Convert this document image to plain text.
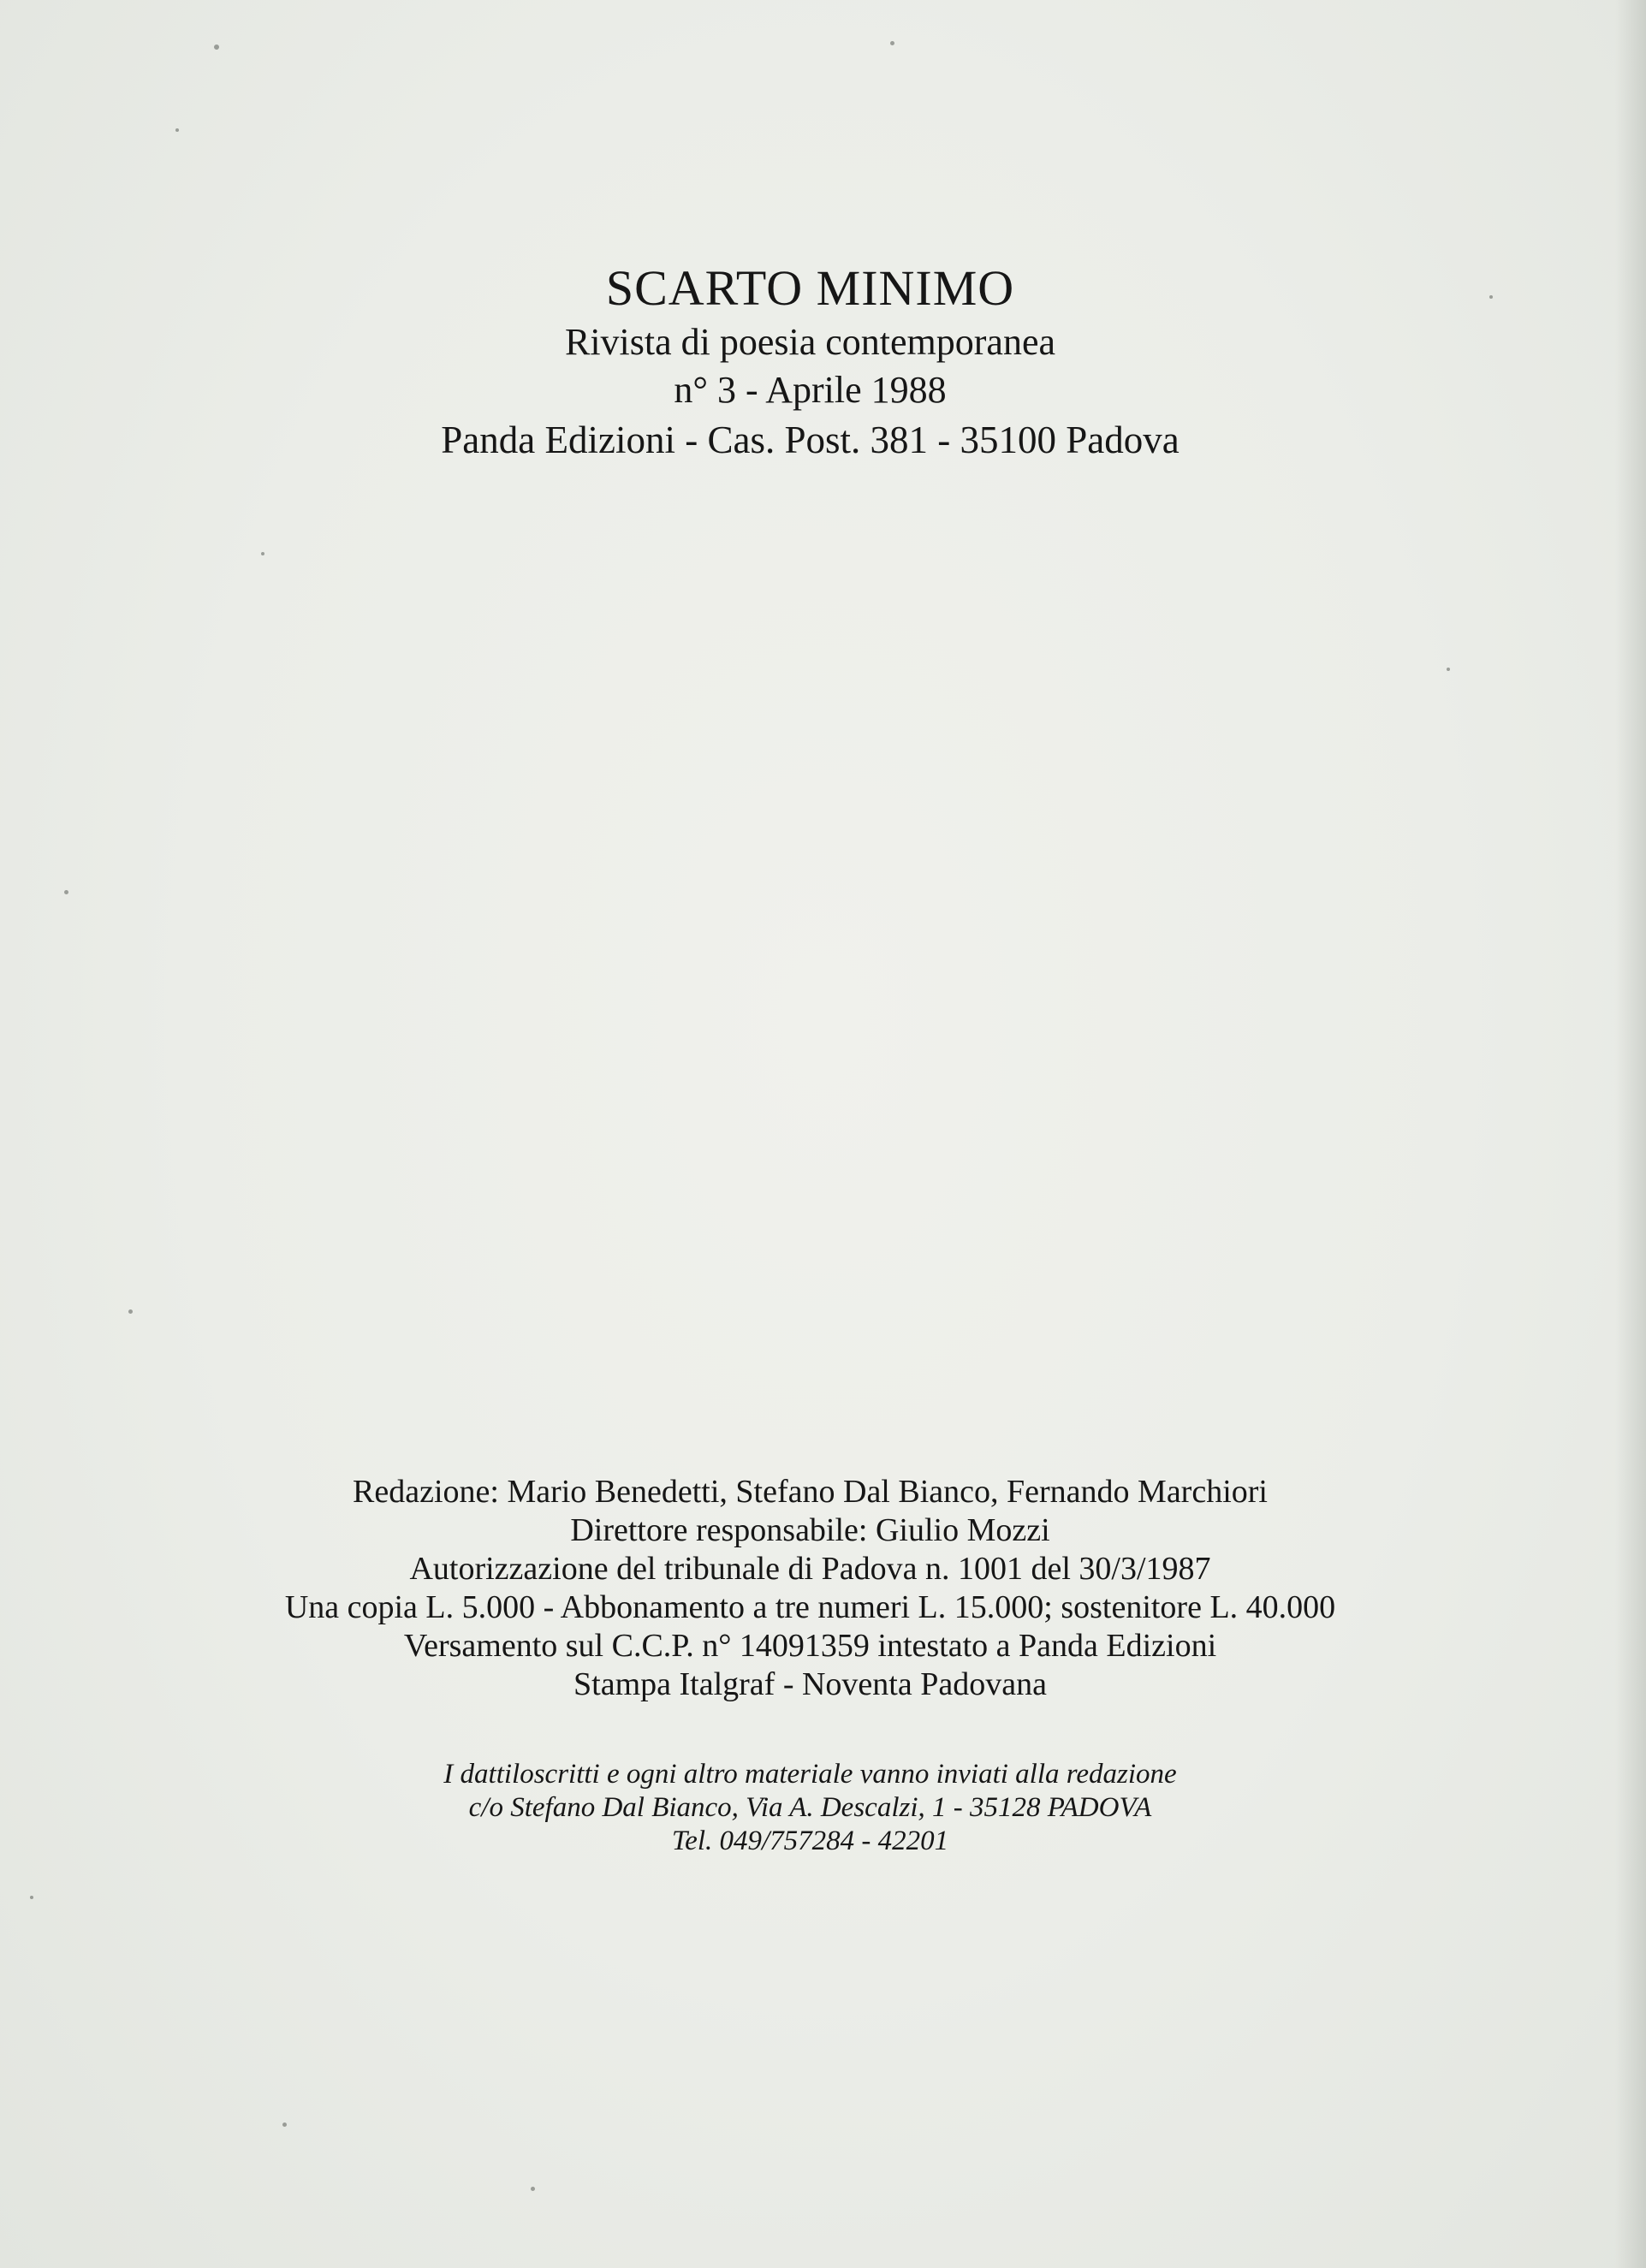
SCARTO MINIMO

Rivista di poesia contemporanea

n° 3 - Aprile 1988

Panda Edizioni - Cas. Post. 381 - 35100 Padova

Redazione: Mario Benedetti, Stefano Dal Bianco, Fernando Marchiori

Direttore responsabile: Giulio Mozzi

Autorizzazione del tribunale di Padova n. 1001 del 30/3/1987

Una copia L. 5.000 - Abbonamento a tre numeri L. 15.000; sostenitore L. 40.000

Versamento sul C.C.P. n° 14091359 intestato a Panda Edizioni

Stampa Italgraf - Noventa Padovana

I dattiloscritti e ogni altro materiale vanno inviati alla redazione

c/o Stefano Dal Bianco, Via A. Descalzi, 1 - 35128 PADOVA

Tel. 049/757284 - 42201
